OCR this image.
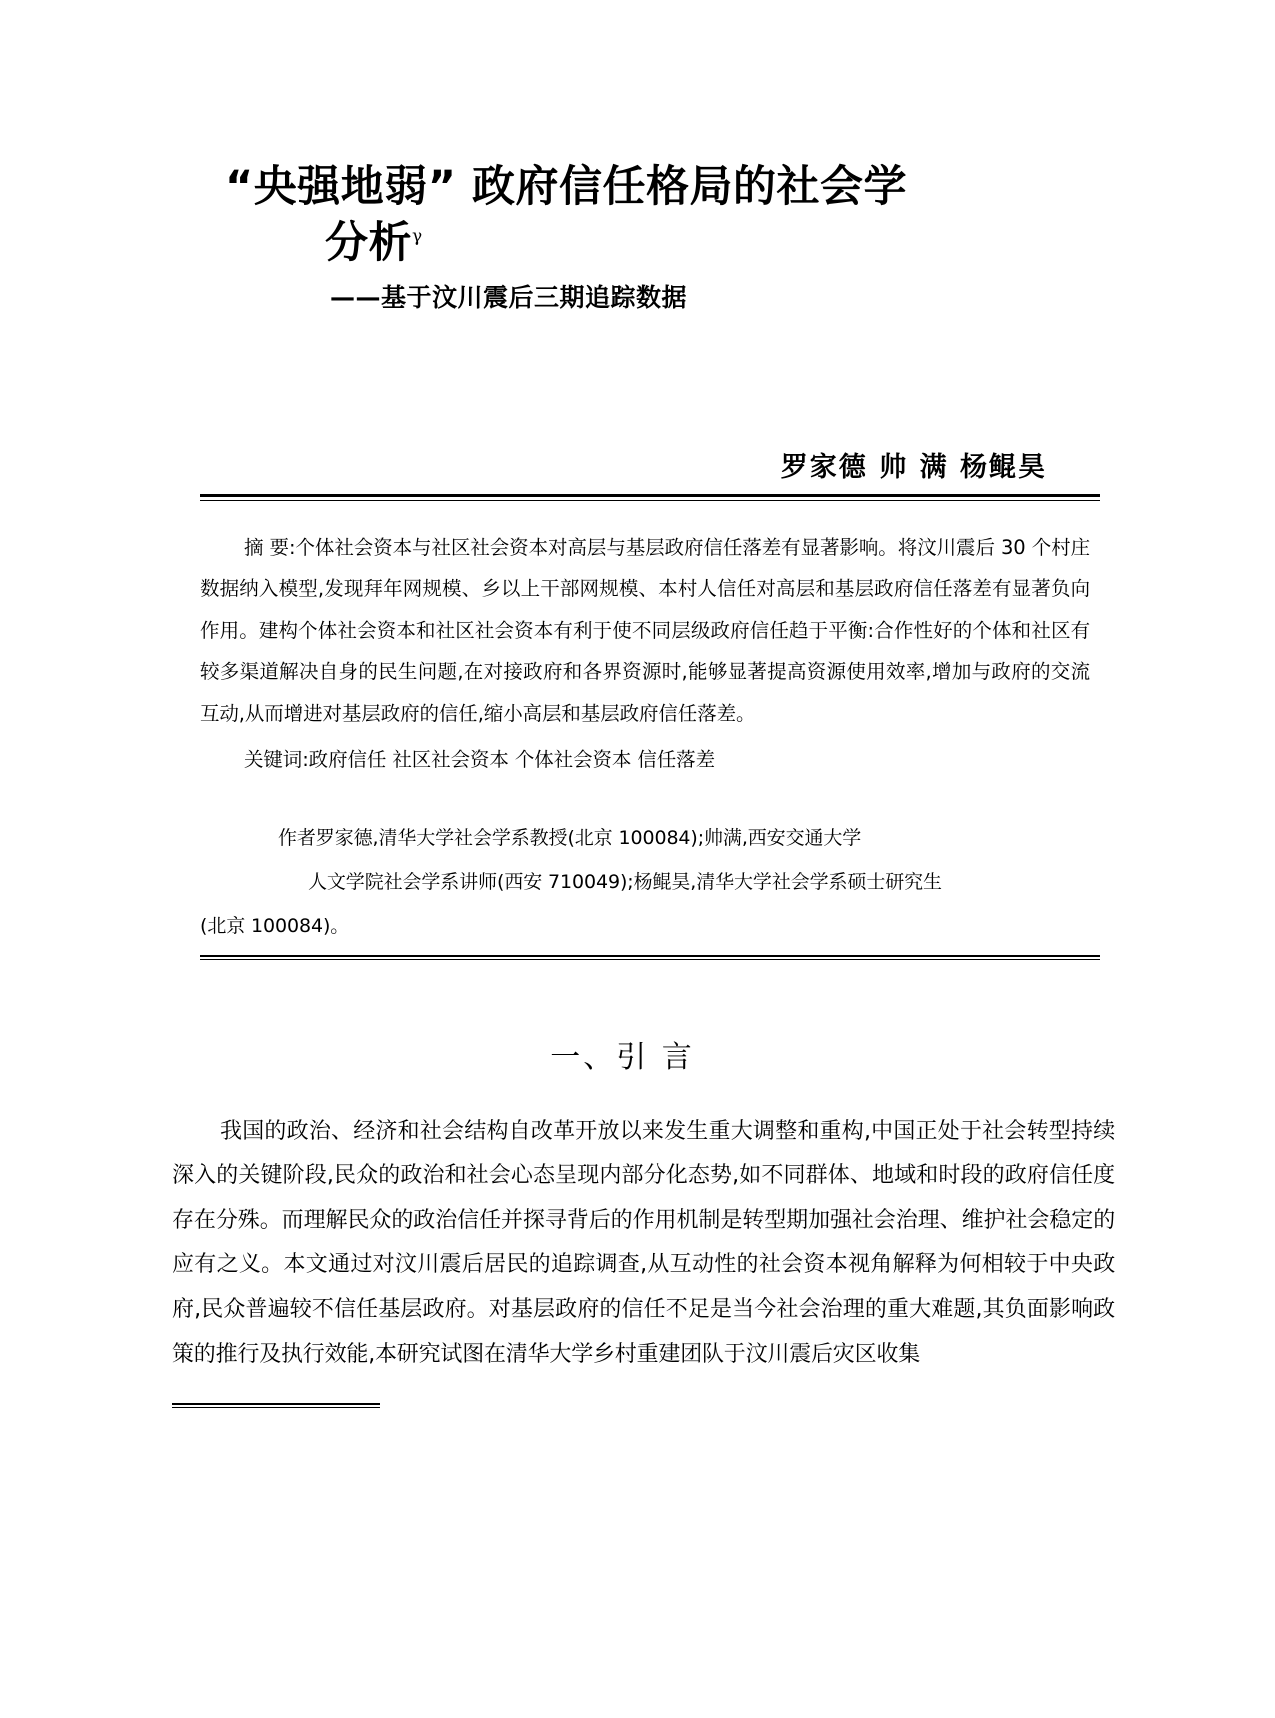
“央强地弱” 政府信任格局的社会学
分析$^\gamma$
——基于汶川震后三期追踪数据
罗家德 帅 满 杨鲲昊

摘 要:个体社会资本与社区社会资本对高层与基层政府信任落差有显著影响。将汶川震后 30 个村庄数据纳入模型,发现拜年网规模、乡以上干部网规模、本村人信任对高层和基层政府信任落差有显著负向作用。建构个体社会资本和社区社会资本有利于使不同层级政府信任趋于平衡:合作性好的个体和社区有较多渠道解决自身的民生问题,在对接政府和各界资源时,能够显著提高资源使用效率,增加与政府的交流互动,从而增进对基层政府的信任,缩小高层和基层政府信任落差。

关键词:政府信任 社区社会资本 个体社会资本 信任落差

作者罗家德,清华大学社会学系教授(北京 100084);帅满,西安交通大学

人文学院社会学系讲师(西安 710049);杨鲲昊,清华大学社会学系硕士研究生

(北京 100084)。

一、引 言

我国的政治、经济和社会结构自改革开放以来发生重大调整和重构,中国正处于社会转型持续深入的关键阶段,民众的政治和社会心态呈现内部分化态势,如不同群体、地域和时段的政府信任度存在分殊。而理解民众的政治信任并探寻背后的作用机制是转型期加强社会治理、维护社会稳定的应有之义。本文通过对汶川震后居民的追踪调查,从互动性的社会资本视角解释为何相较于中央政府,民众普遍较不信任基层政府。对基层政府的信任不足是当今社会治理的重大难题,其负面影响政策的推行及执行效能,本研究试图在清华大学乡村重建团队于汶川震后灾区收集
